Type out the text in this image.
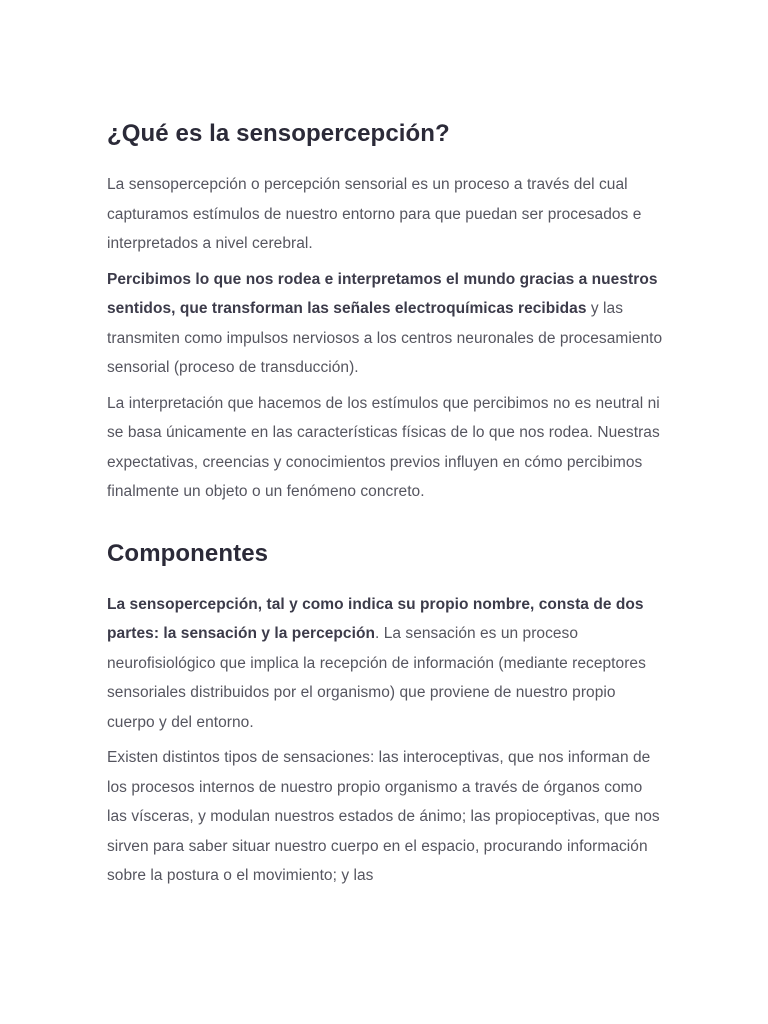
¿Qué es la sensopercepción?

La sensopercepción o percepción sensorial es un proceso a través del cual capturamos estímulos de nuestro entorno para que puedan ser procesados e interpretados a nivel cerebral.

Percibimos lo que nos rodea e interpretamos el mundo gracias a nuestros sentidos, que transforman las señales electroquímicas recibidas y las transmiten como impulsos nerviosos a los centros neuronales de procesamiento sensorial (proceso de transducción).

La interpretación que hacemos de los estímulos que percibimos no es neutral ni se basa únicamente en las características físicas de lo que nos rodea. Nuestras expectativas, creencias y conocimientos previos influyen en cómo percibimos finalmente un objeto o un fenómeno concreto.

Componentes

La sensopercepción, tal y como indica su propio nombre, consta de dos partes: la sensación y la percepción. La sensación es un proceso neurofisiológico que implica la recepción de información (mediante receptores sensoriales distribuidos por el organismo) que proviene de nuestro propio cuerpo y del entorno.

Existen distintos tipos de sensaciones: las interoceptivas, que nos informan de los procesos internos de nuestro propio organismo a través de órganos como las vísceras, y modulan nuestros estados de ánimo; las propioceptivas, que nos sirven para saber situar nuestro cuerpo en el espacio, procurando información sobre la postura o el movimiento; y las
